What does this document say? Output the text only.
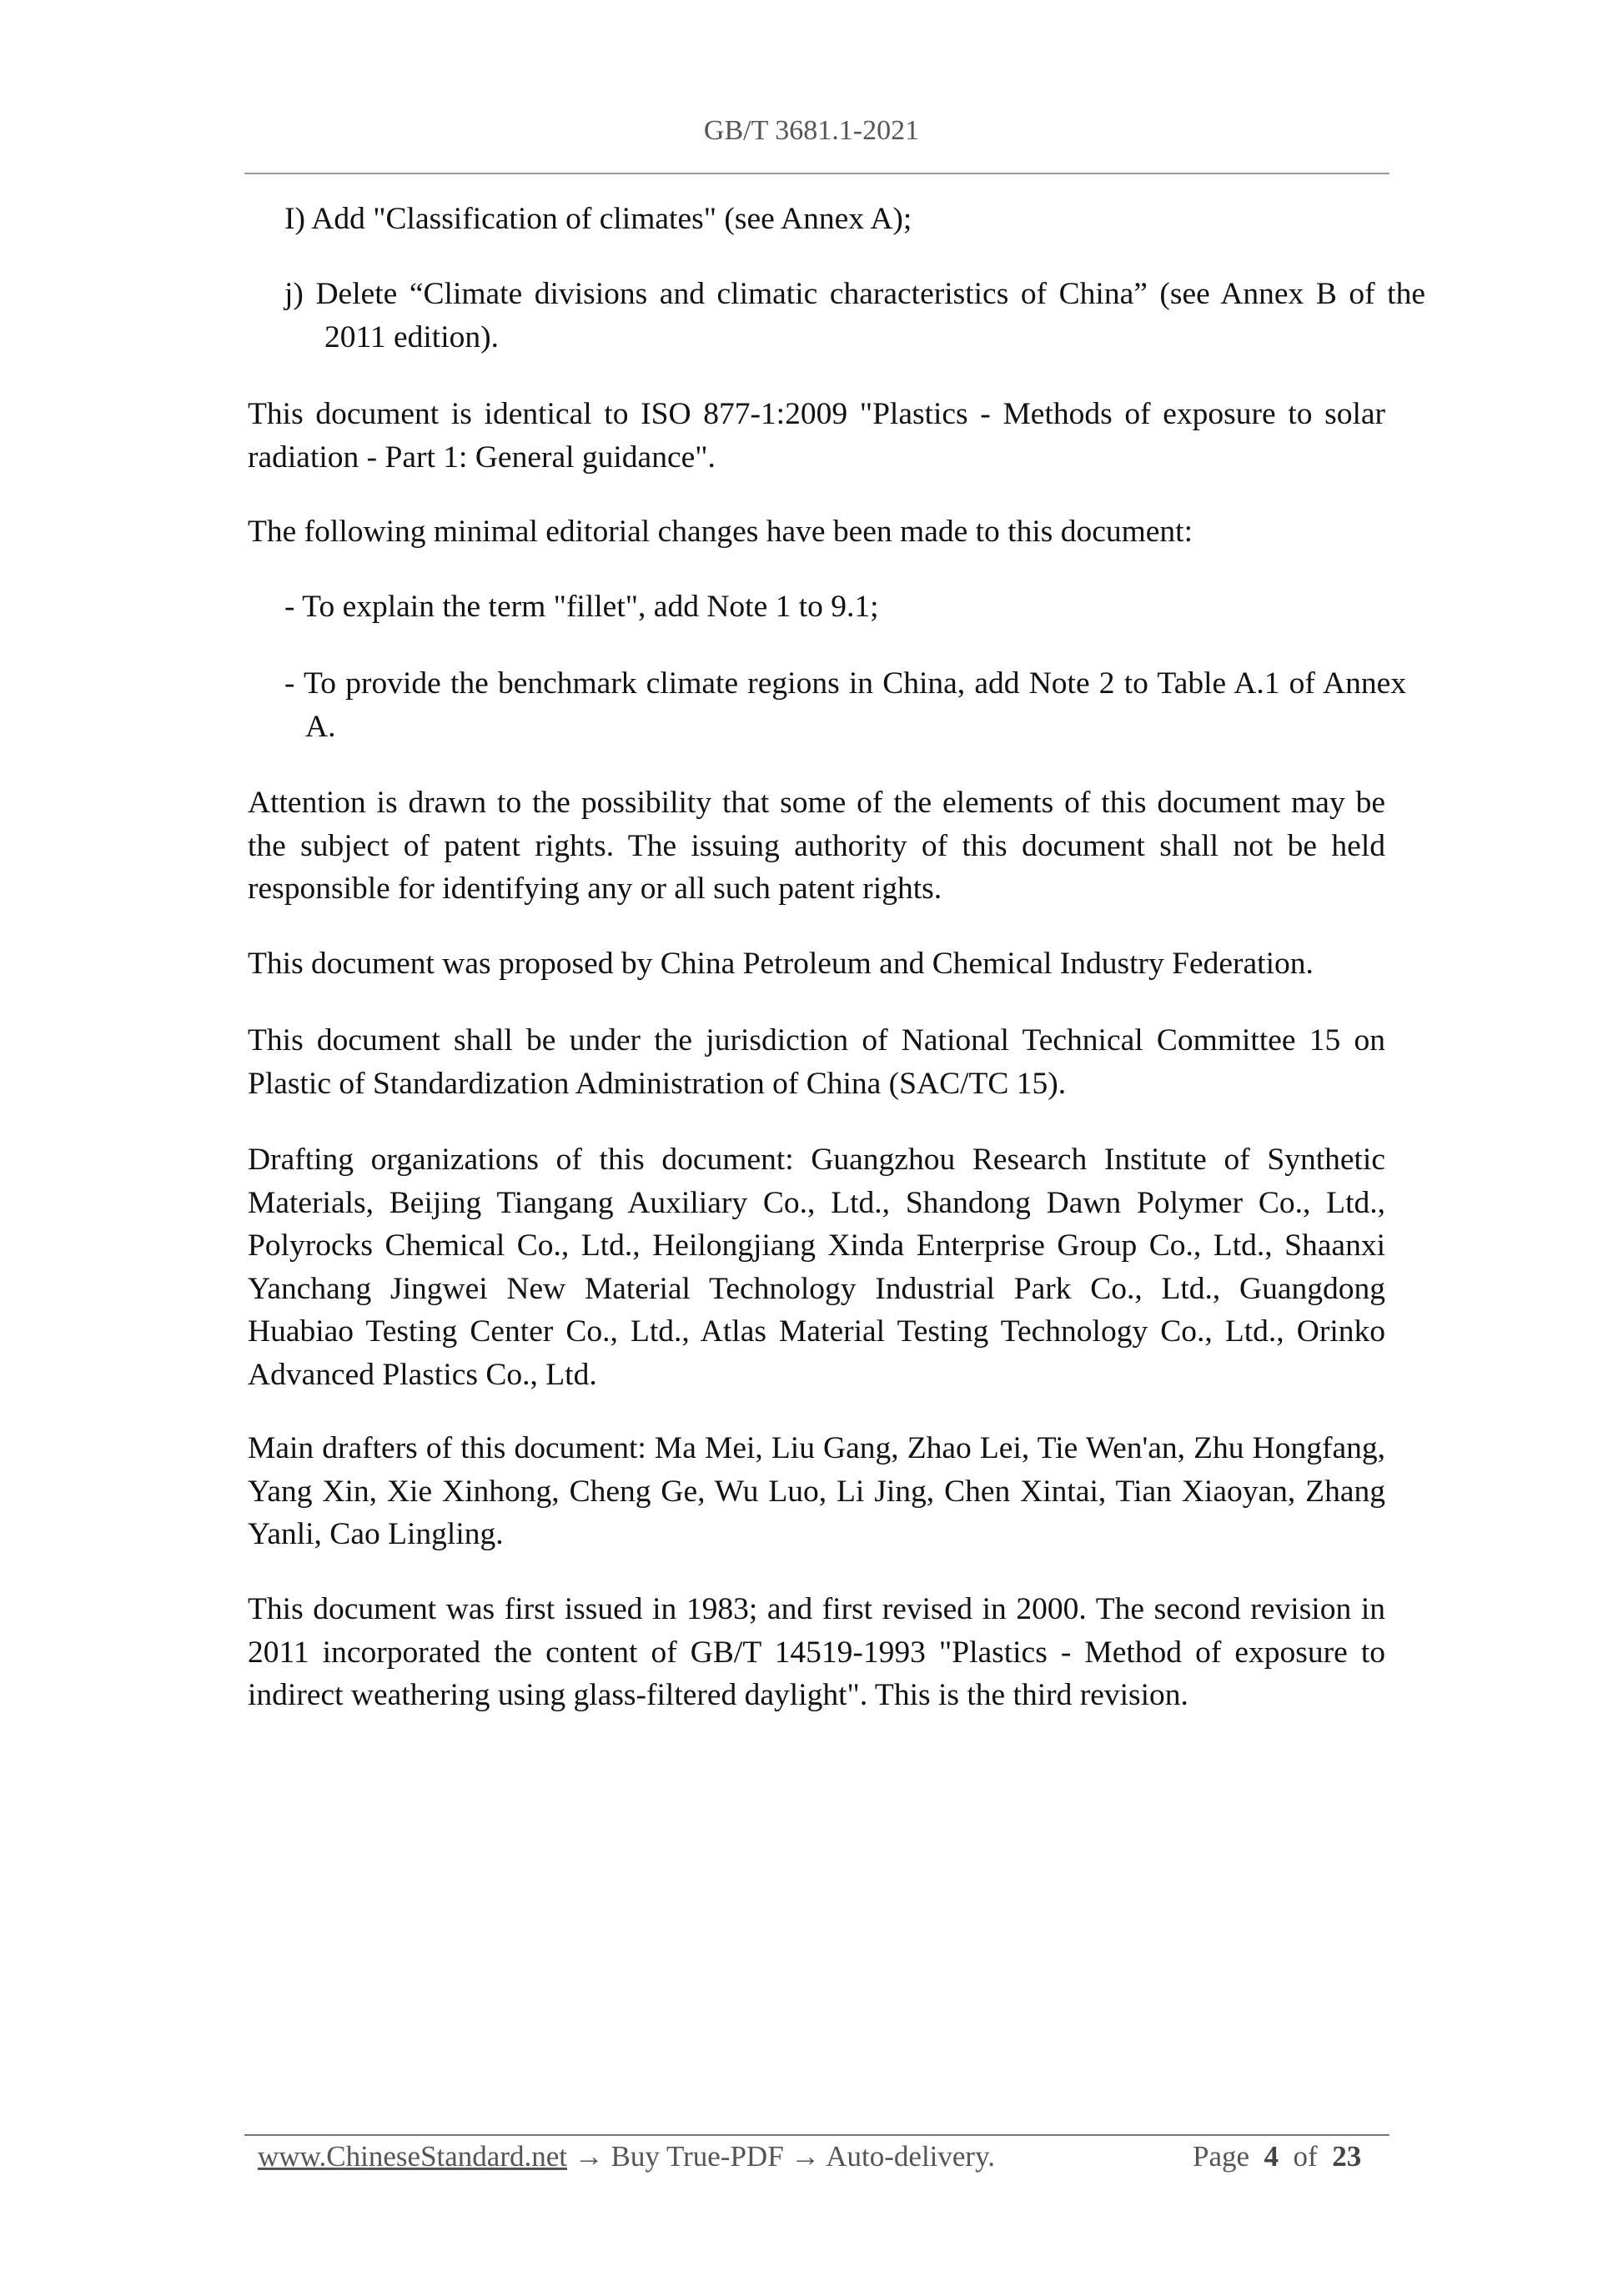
GB/T 3681.1-2021
I) Add "Classification of climates" (see Annex A);
j) Delete “Climate divisions and climatic characteristics of China” (see Annex B of the 2011 edition).
This document is identical to ISO 877-1:2009 "Plastics - Methods of exposure to solar radiation - Part 1: General guidance".
The following minimal editorial changes have been made to this document:
- To explain the term "fillet", add Note 1 to 9.1;
- To provide the benchmark climate regions in China, add Note 2 to Table A.1 of Annex A.
Attention is drawn to the possibility that some of the elements of this document may be the subject of patent rights. The issuing authority of this document shall not be held responsible for identifying any or all such patent rights.
This document was proposed by China Petroleum and Chemical Industry Federation.
This document shall be under the jurisdiction of National Technical Committee 15 on Plastic of Standardization Administration of China (SAC/TC 15).
Drafting organizations of this document: Guangzhou Research Institute of Synthetic Materials, Beijing Tiangang Auxiliary Co., Ltd., Shandong Dawn Polymer Co., Ltd., Polyrocks Chemical Co., Ltd., Heilongjiang Xinda Enterprise Group Co., Ltd., Shaanxi Yanchang Jingwei New Material Technology Industrial Park Co., Ltd., Guangdong Huabiao Testing Center Co., Ltd., Atlas Material Testing Technology Co., Ltd., Orinko Advanced Plastics Co., Ltd.
Main drafters of this document: Ma Mei, Liu Gang, Zhao Lei, Tie Wen'an, Zhu Hongfang, Yang Xin, Xie Xinhong, Cheng Ge, Wu Luo, Li Jing, Chen Xintai, Tian Xiaoyan, Zhang Yanli, Cao Lingling.
This document was first issued in 1983; and first revised in 2000. The second revision in 2011 incorporated the content of GB/T 14519-1993 "Plastics - Method of exposure to indirect weathering using glass-filtered daylight". This is the third revision.
www.ChineseStandard.net → Buy True-PDF → Auto-delivery.	Page 4 of 23
